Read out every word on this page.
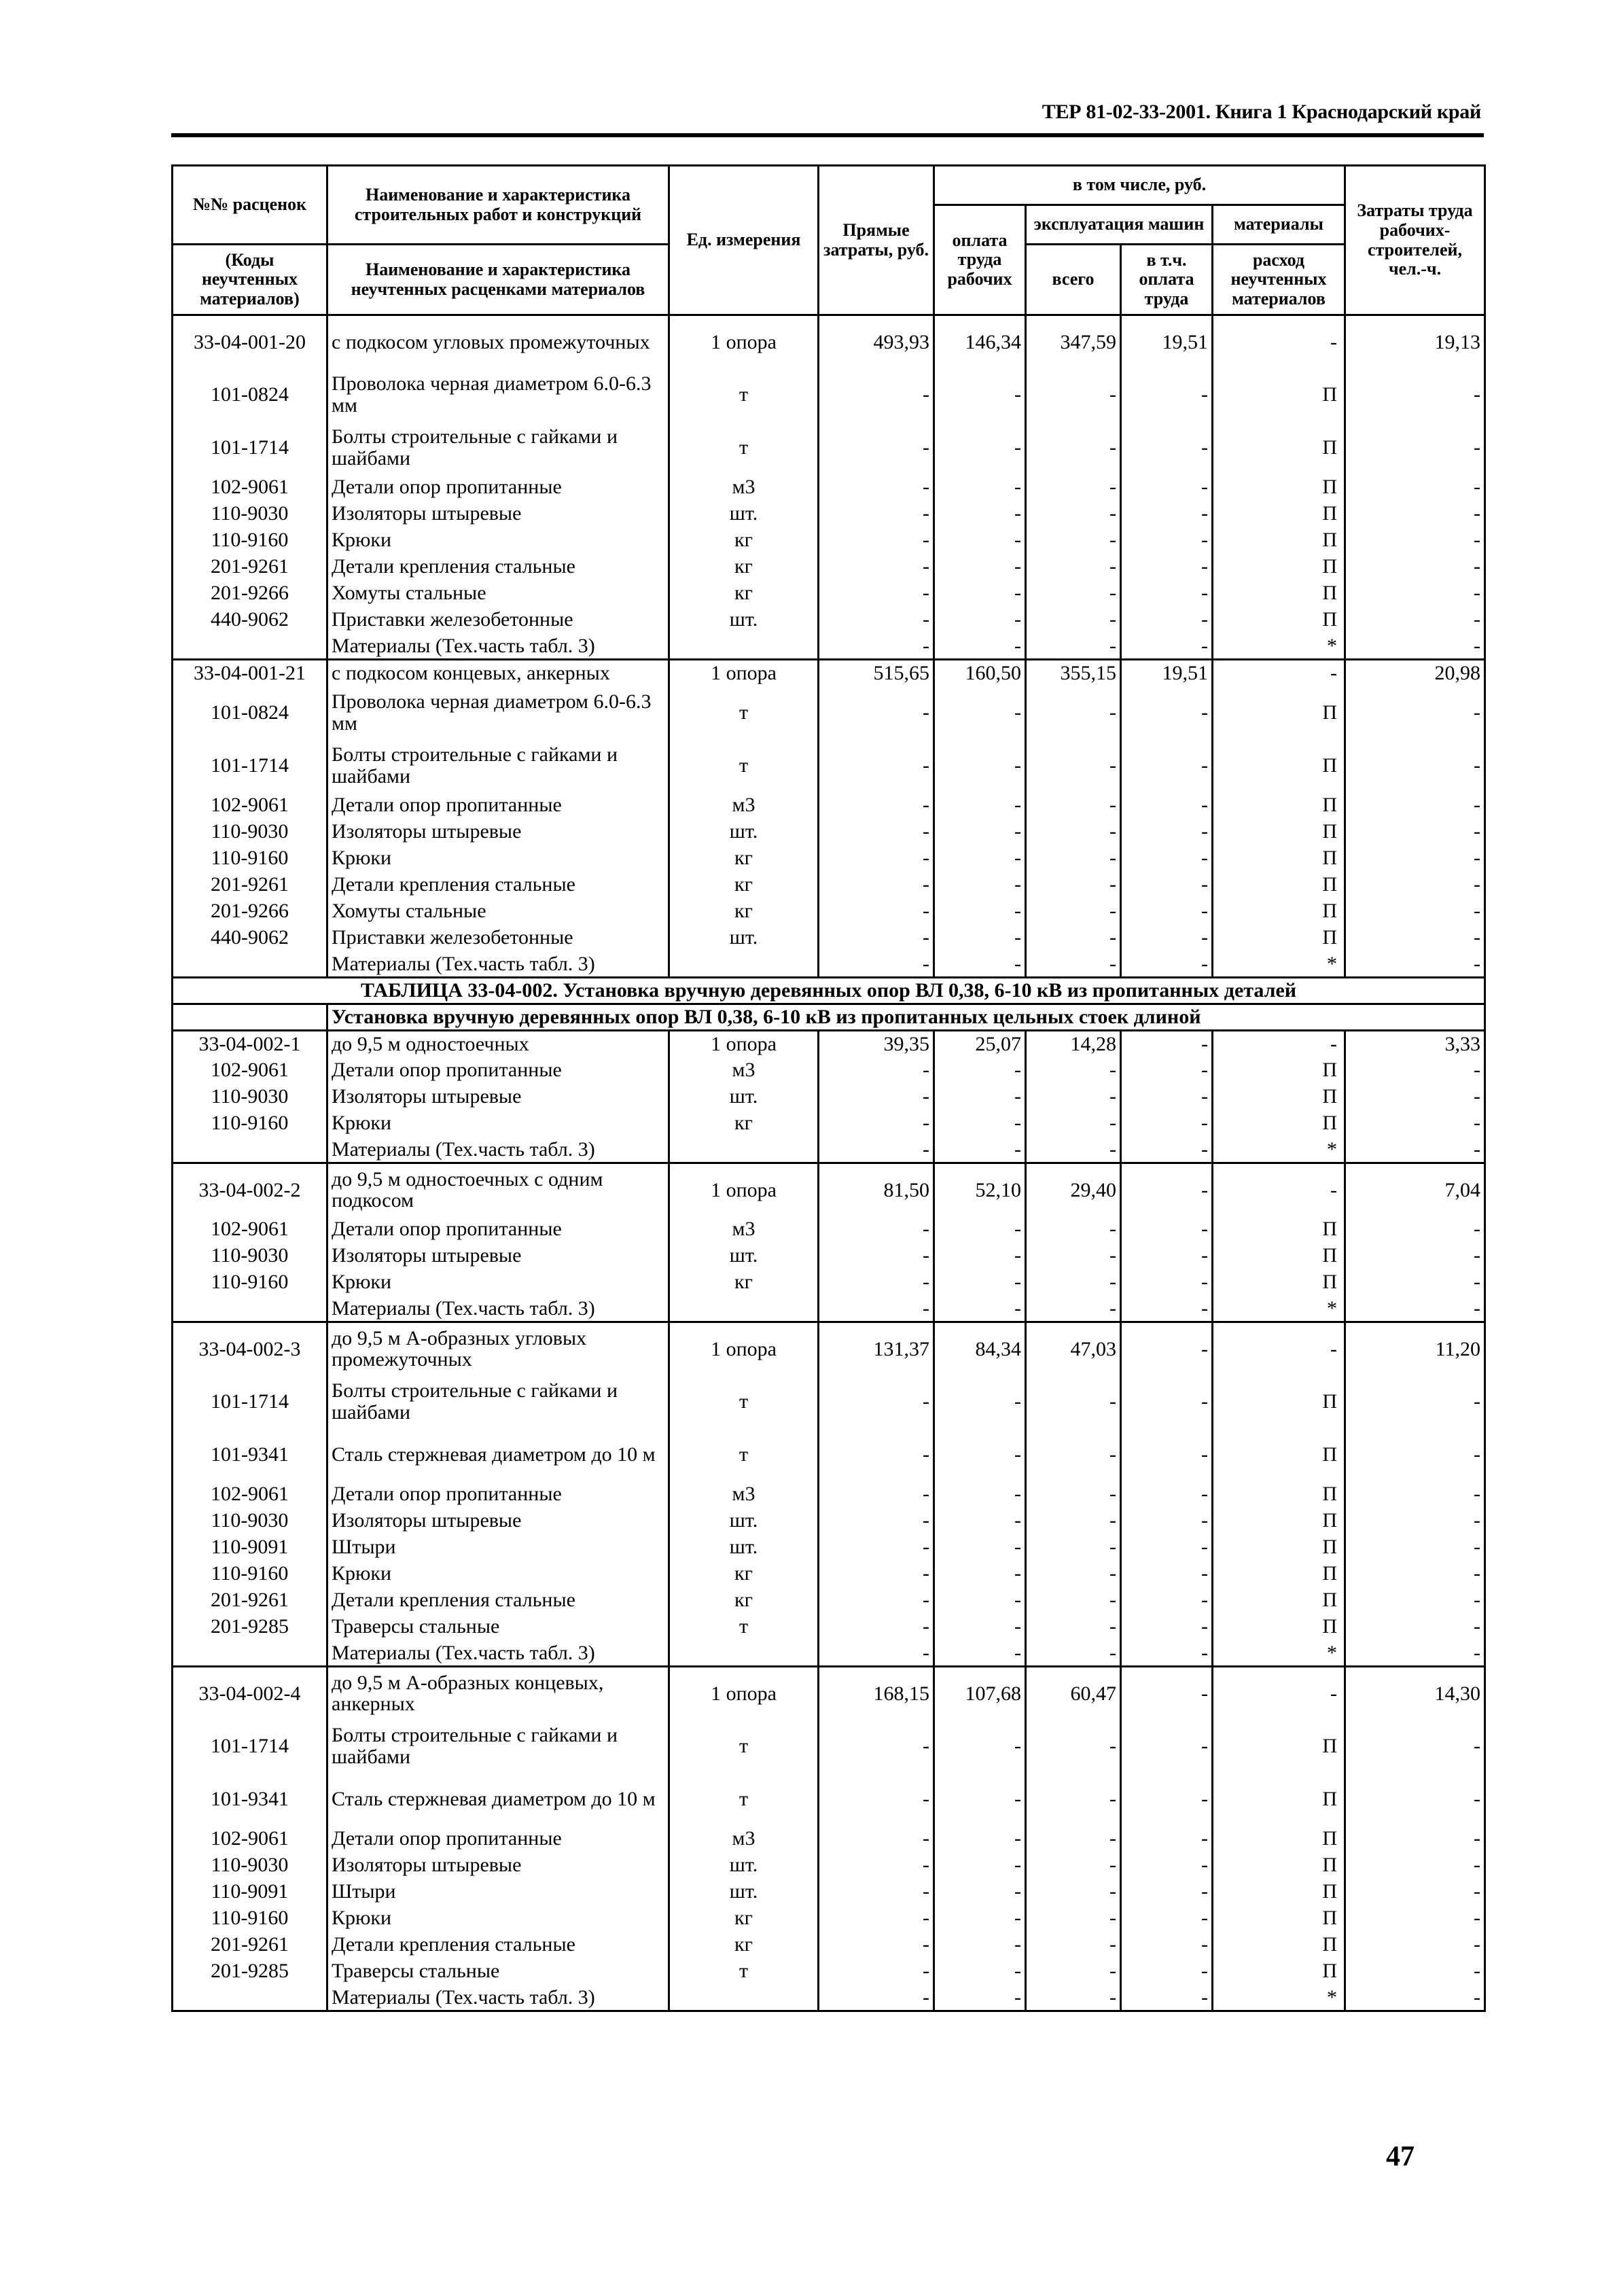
ТЕР 81-02-33-2001. Книга 1 Краснодарский край
№№ расценок	Наименование и характеристика строительных работ и конструкций	Ед. измерения	Прямые затраты, руб.	в том числе, руб.				Затраты труда рабочих-строителей, чел.-ч.
				оплата труда рабочих	эксплуатация машин		материалы	
(Коды неучтенных материалов)	Наименование и характеристика неучтенных расценками материалов				всего	в т.ч. оплата труда	расход неучтенных материалов	

33-04-001-20	с подкосом угловых промежуточных	1 опора	493,93	146,34	347,59	19,51	-	19,13
101-0824	Проволока черная диаметром 6.0-6.3 мм	т	-	-	-	-	П	-
101-1714	Болты строительные с гайками и шайбами	т	-	-	-	-	П	-
102-9061	Детали опор пропитанные	м3	-	-	-	-	П	-
110-9030	Изоляторы штыревые	шт.	-	-	-	-	П	-
110-9160	Крюки	кг	-	-	-	-	П	-
201-9261	Детали крепления стальные	кг	-	-	-	-	П	-
201-9266	Хомуты стальные	кг	-	-	-	-	П	-
440-9062	Приставки железобетонные	шт.	-	-	-	-	П	-
	Материалы (Тех.часть табл. 3)		-	-	-	-	*	-
33-04-001-21	с подкосом концевых, анкерных	1 опора	515,65	160,50	355,15	19,51	-	20,98
101-0824	Проволока черная диаметром 6.0-6.3 мм	т	-	-	-	-	П	-
101-1714	Болты строительные с гайками и шайбами	т	-	-	-	-	П	-
102-9061	Детали опор пропитанные	м3	-	-	-	-	П	-
110-9030	Изоляторы штыревые	шт.	-	-	-	-	П	-
110-9160	Крюки	кг	-	-	-	-	П	-
201-9261	Детали крепления стальные	кг	-	-	-	-	П	-
201-9266	Хомуты стальные	кг	-	-	-	-	П	-
440-9062	Приставки железобетонные	шт.	-	-	-	-	П	-
	Материалы (Тех.часть табл. 3)		-	-	-	-	*	-
ТАБЛИЦА 33-04-002. Установка вручную деревянных опор ВЛ 0,38, 6-10 кВ из пропитанных деталей								
	Установка вручную деревянных опор ВЛ 0,38, 6-10 кВ из пропитанных цельных стоек длиной							
33-04-002-1	до 9,5 м одностоечных	1 опора	39,35	25,07	14,28	-	-	3,33
102-9061	Детали опор пропитанные	м3	-	-	-	-	П	-
110-9030	Изоляторы штыревые	шт.	-	-	-	-	П	-
110-9160	Крюки	кг	-	-	-	-	П	-
	Материалы (Тех.часть табл. 3)		-	-	-	-	*	-
33-04-002-2	до 9,5 м одностоечных с одним подкосом	1 опора	81,50	52,10	29,40	-	-	7,04
102-9061	Детали опор пропитанные	м3	-	-	-	-	П	-
110-9030	Изоляторы штыревые	шт.	-	-	-	-	П	-
110-9160	Крюки	кг	-	-	-	-	П	-
	Материалы (Тех.часть табл. 3)		-	-	-	-	*	-
33-04-002-3	до 9,5 м А-образных угловых промежуточных	1 опора	131,37	84,34	47,03	-	-	11,20
101-1714	Болты строительные с гайками и шайбами	т	-	-	-	-	П	-
101-9341	Сталь стержневая диаметром до 10 м	т	-	-	-	-	П	-
102-9061	Детали опор пропитанные	м3	-	-	-	-	П	-
110-9030	Изоляторы штыревые	шт.	-	-	-	-	П	-
110-9091	Штыри	шт.	-	-	-	-	П	-
110-9160	Крюки	кг	-	-	-	-	П	-
201-9261	Детали крепления стальные	кг	-	-	-	-	П	-
201-9285	Траверсы стальные	т	-	-	-	-	П	-
	Материалы (Тех.часть табл. 3)		-	-	-	-	*	-
33-04-002-4	до 9,5 м А-образных концевых, анкерных	1 опора	168,15	107,68	60,47	-	-	14,30
101-1714	Болты строительные с гайками и шайбами	т	-	-	-	-	П	-
101-9341	Сталь стержневая диаметром до 10 м	т	-	-	-	-	П	-
102-9061	Детали опор пропитанные	м3	-	-	-	-	П	-
110-9030	Изоляторы штыревые	шт.	-	-	-	-	П	-
110-9091	Штыри	шт.	-	-	-	-	П	-
110-9160	Крюки	кг	-	-	-	-	П	-
201-9261	Детали крепления стальные	кг	-	-	-	-	П	-
201-9285	Траверсы стальные	т	-	-	-	-	П	-
	Материалы (Тех.часть табл. 3)		-	-	-	-	*	-
47
